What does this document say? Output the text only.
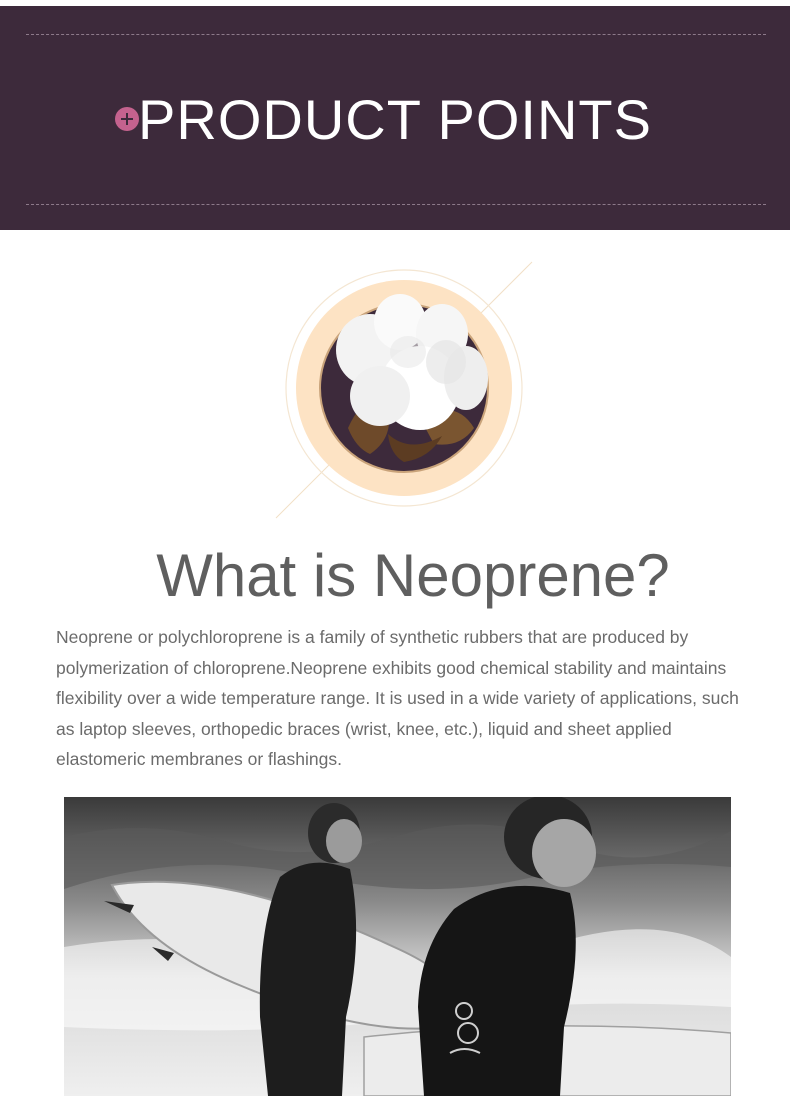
PRODUCT POINTS
What is Neoprene?

Neoprene or polychloroprene is a family of synthetic rubbers that are produced by polymerization of chloroprene.Neoprene exhibits good chemical stability and maintains flexibility over a wide temperature range. It is used in a wide variety of applications, such as laptop sleeves, orthopedic braces (wrist, knee, etc.), liquid and sheet applied elastomeric membranes or flashings.
